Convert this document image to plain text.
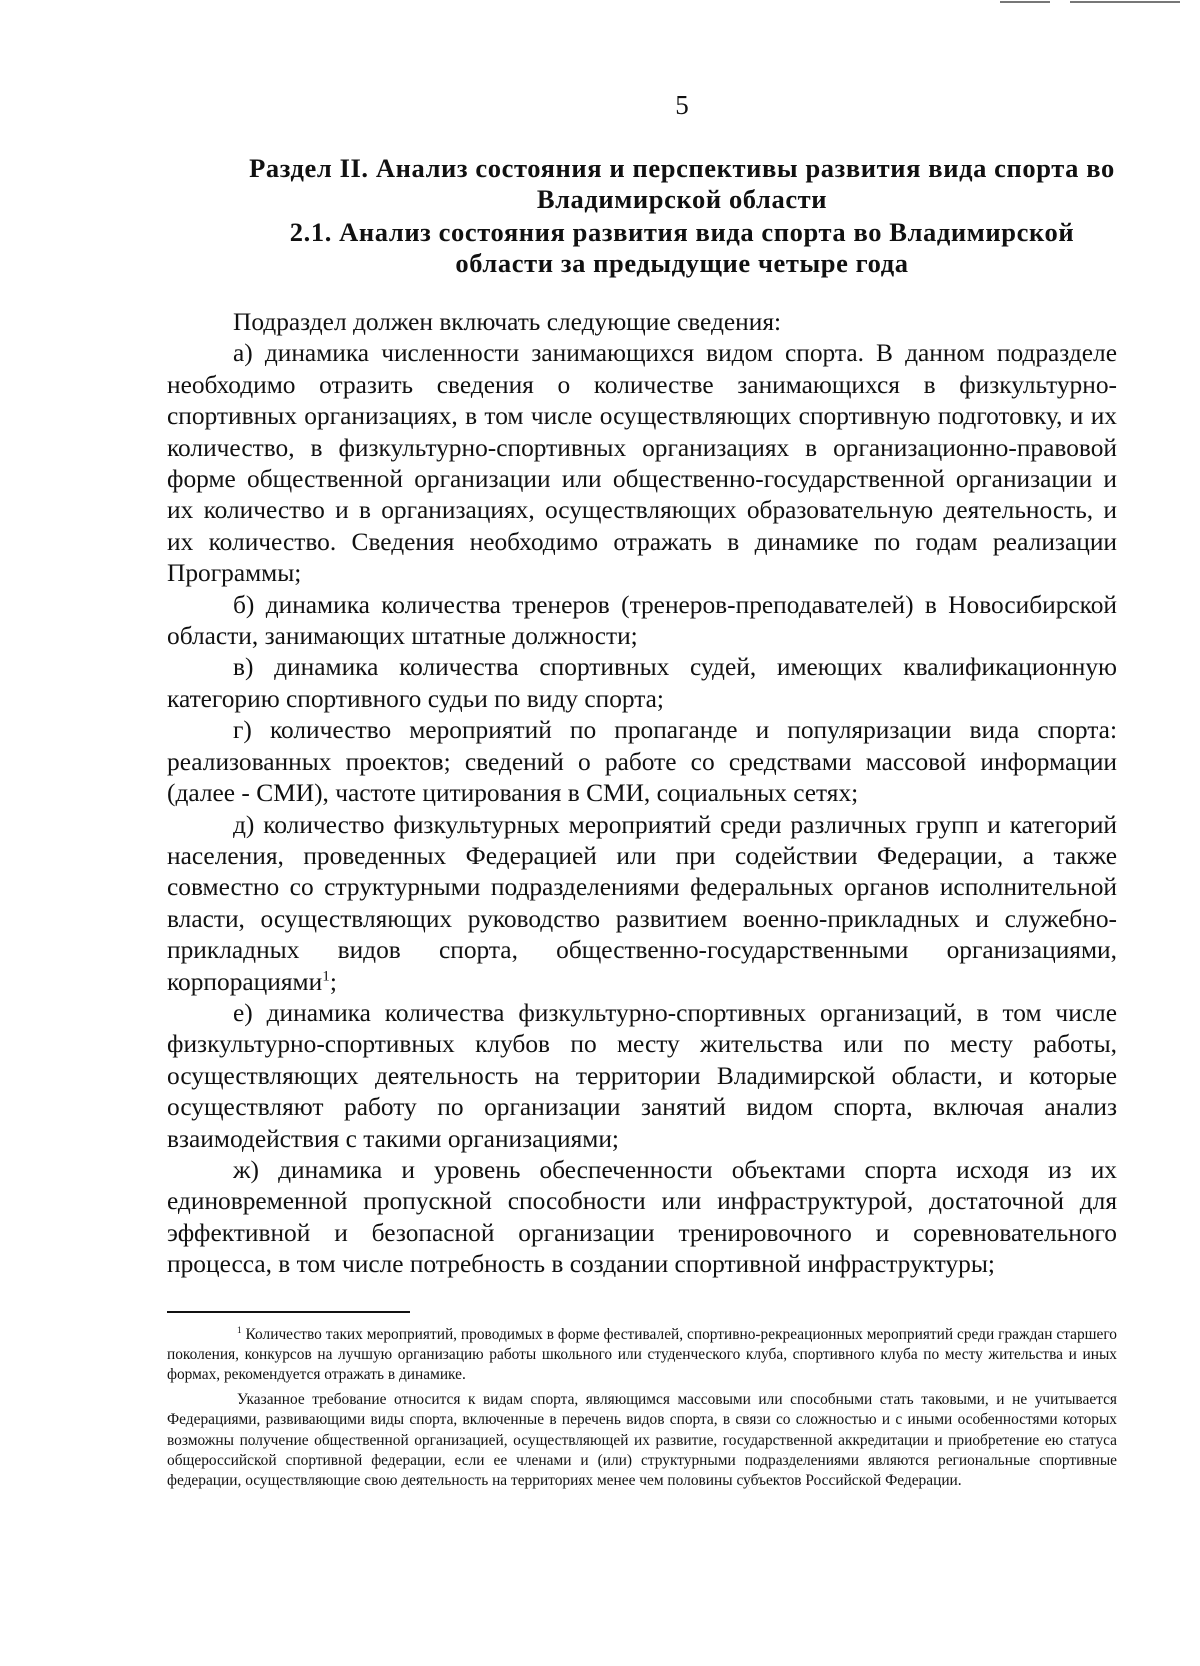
5
Раздел II. Анализ состояния и перспективы развития вида спорта во Владимирской области
2.1. Анализ состояния развития вида спорта во Владимирской области за предыдущие четыре года

Подраздел должен включать следующие сведения:

а) динамика численности занимающихся видом спорта. В данном подразделе необходимо отразить сведения о количестве занимающихся в физкультурно-спортивных организациях, в том числе осуществляющих спортивную подготовку, и их количество, в физкультурно-спортивных организациях в организационно-правовой форме общественной организации или общественно-государственной организации и их количество и в организациях, осуществляющих образовательную деятельность, и их количество. Сведения необходимо отражать в динамике по годам реализации Программы;

б) динамика количества тренеров (тренеров-преподавателей) в Новосибирской области, занимающих штатные должности;

в) динамика количества спортивных судей, имеющих квалификационную категорию спортивного судьи по виду спорта;

г) количество мероприятий по пропаганде и популяризации вида спорта: реализованных проектов; сведений о работе со средствами массовой информации (далее - СМИ), частоте цитирования в СМИ, социальных сетях;

д) количество физкультурных мероприятий среди различных групп и категорий населения, проведенных Федерацией или при содействии Федерации, а также совместно со структурными подразделениями федеральных органов исполнительной власти, осуществляющих руководство развитием военно-прикладных и служебно-прикладных видов спорта, общественно-государственными организациями, корпорациями$^1$;

е) динамика количества физкультурно-спортивных организаций, в том числе физкультурно-спортивных клубов по месту жительства или по месту работы, осуществляющих деятельность на территории Владимирской области, и которые осуществляют работу по организации занятий видом спорта, включая анализ взаимодействия с такими организациями;

ж) динамика и уровень обеспеченности объектами спорта исходя из их единовременной пропускной способности или инфраструктурой, достаточной для эффективной и безопасной организации тренировочного и соревновательного процесса, в том числе потребность в создании спортивной инфраструктуры;

$^1$ Количество таких мероприятий, проводимых в форме фестивалей, спортивно-рекреационных мероприятий среди граждан старшего поколения, конкурсов на лучшую организацию работы школьного или студенческого клуба, спортивного клуба по месту жительства и иных формах, рекомендуется отражать в динамике.

Указанное требование относится к видам спорта, являющимся массовыми или способными стать таковыми, и не учитывается Федерациями, развивающими виды спорта, включенные в перечень видов спорта, в связи со сложностью и с иными особенностями которых возможны получение общественной организацией, осуществляющей их развитие, государственной аккредитации и приобретение ею статуса общероссийской спортивной федерации, если ее членами и (или) структурными подразделениями являются региональные спортивные федерации, осуществляющие свою деятельность на территориях менее чем половины субъектов Российской Федерации.
